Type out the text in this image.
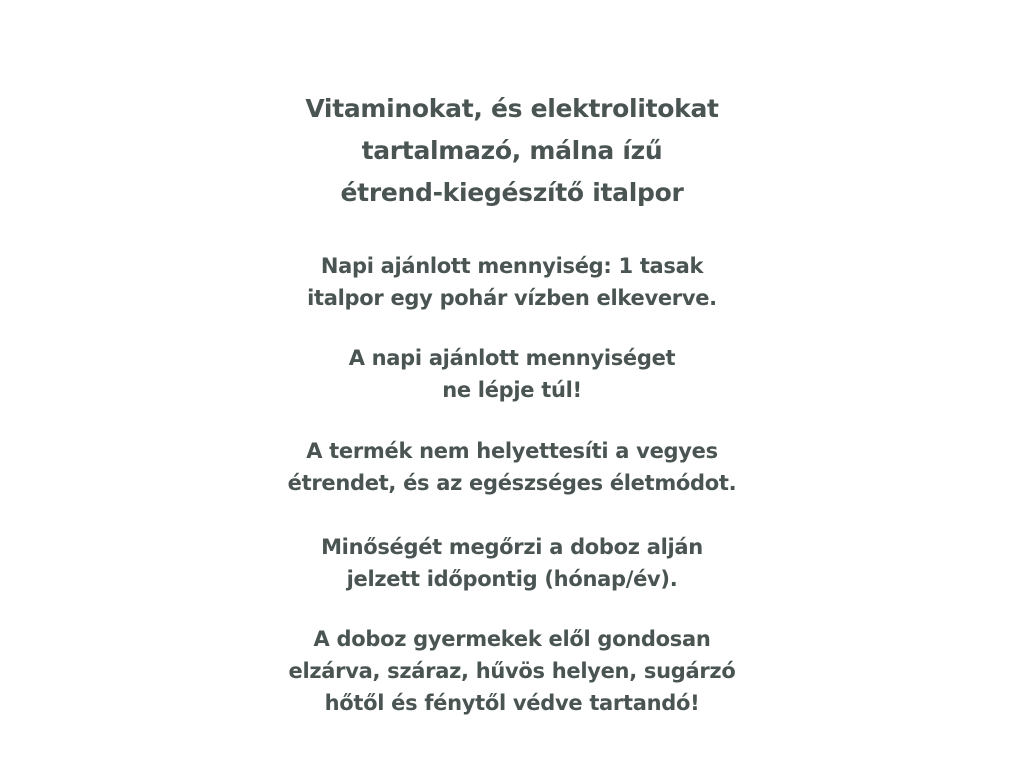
Vitaminokat, és elektrolitokat
tartalmazó, málna ízű
étrend-kiegészítő italpor

Napi ajánlott mennyiség: 1 tasak
italpor egy pohár vízben elkeverve.

A napi ajánlott mennyiséget
ne lépje túl!

A termék nem helyettesíti a vegyes
étrendet, és az egészséges életmódot.

Minőségét megőrzi a doboz alján
jelzett időpontig (hónap/év).

A doboz gyermekek elől gondosan
elzárva, száraz, hűvös helyen, sugárzó
hőtől és fénytől védve tartandó!
